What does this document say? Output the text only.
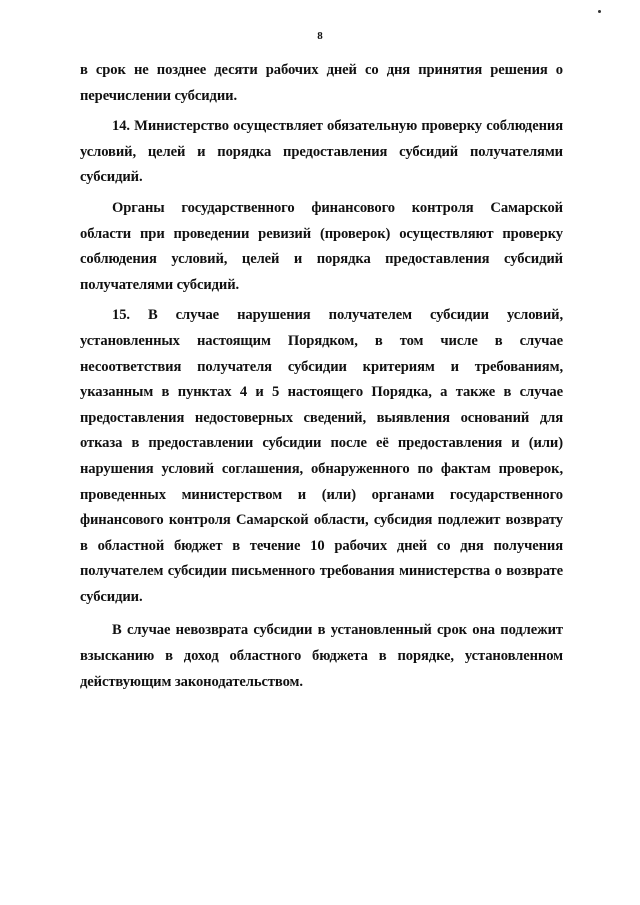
8

в срок не позднее десяти рабочих дней со дня принятия решения о перечислении субсидии.

14. Министерство осуществляет обязательную проверку соблюдения условий, целей и порядка предоставления субсидий получателями субсидий.

Органы государственного финансового контроля Самарской области при проведении ревизий (проверок) осуществляют проверку соблюдения условий, целей и порядка предоставления субсидий получателями субсидий.

15. В случае нарушения получателем субсидии условий, установленных настоящим Порядком, в том числе в случае несоответствия получателя субсидии критериям и требованиям, указанным в пунктах 4 и 5 настоящего Порядка, а также в случае предоставления недостоверных сведений, выявления оснований для отказа в предоставлении субсидии после её предоставления и (или) нарушения условий соглашения, обнаруженного по фактам проверок, проведенных министерством и (или) органами государственного финансового контроля Самарской области, субсидия подлежит возврату в областной бюджет в течение 10 рабочих дней со дня получения получателем субсидии письменного требования министерства о возврате субсидии.

В случае невозврата субсидии в установленный срок она подлежит взысканию в доход областного бюджета в порядке, установленном действующим законодательством.
